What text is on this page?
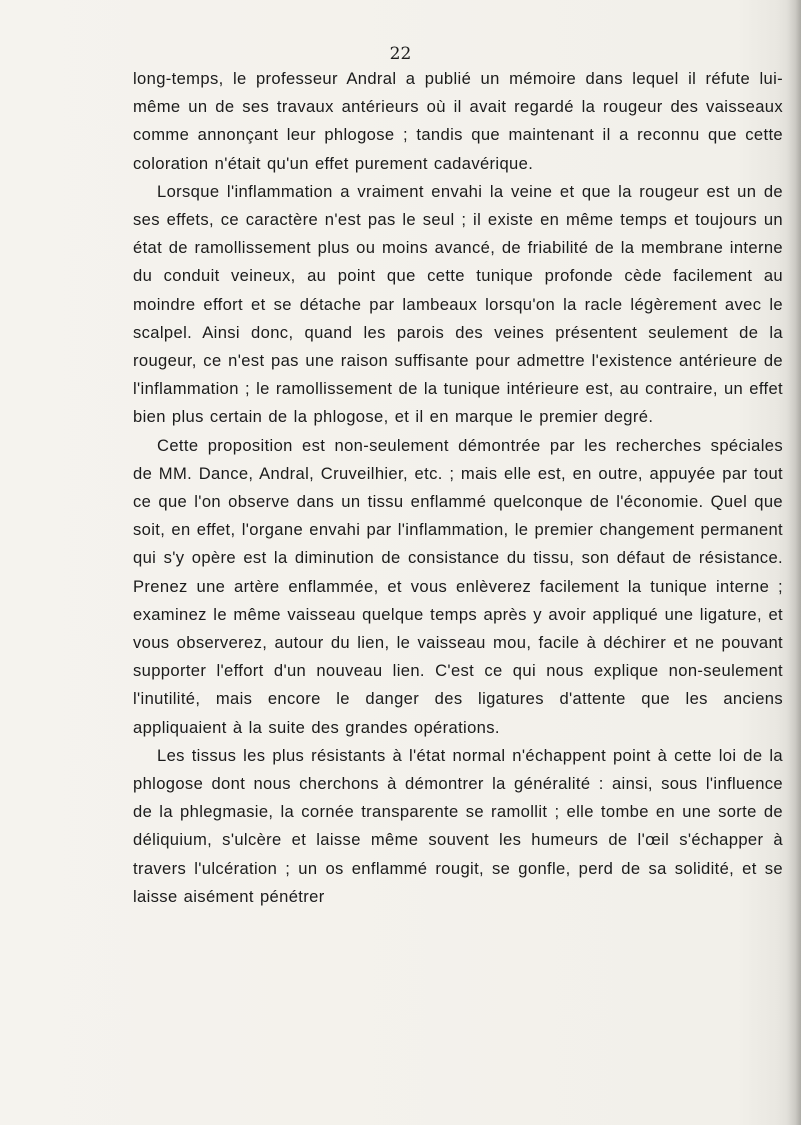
22

long-temps, le professeur Andral a publié un mémoire dans lequel il réfute lui-même un de ses travaux antérieurs où il avait regardé la rougeur des vaisseaux comme annonçant leur phlogose ; tandis que maintenant il a reconnu que cette coloration n'était qu'un effet purement cadavérique.

Lorsque l'inflammation a vraiment envahi la veine et que la rougeur est un de ses effets, ce caractère n'est pas le seul ; il existe en même temps et toujours un état de ramollissement plus ou moins avancé, de friabilité de la membrane interne du conduit veineux, au point que cette tunique profonde cède facilement au moindre effort et se détache par lambeaux lorsqu'on la racle légèrement avec le scalpel. Ainsi donc, quand les parois des veines présentent seulement de la rougeur, ce n'est pas une raison suffisante pour admettre l'existence antérieure de l'inflammation ; le ramollissement de la tunique intérieure est, au contraire, un effet bien plus certain de la phlogose, et il en marque le premier degré.

Cette proposition est non-seulement démontrée par les recherches spéciales de MM. Dance, Andral, Cruveilhier, etc. ; mais elle est, en outre, appuyée par tout ce que l'on observe dans un tissu enflammé quelconque de l'économie. Quel que soit, en effet, l'organe envahi par l'inflammation, le premier changement permanent qui s'y opère est la diminution de consistance du tissu, son défaut de résistance. Prenez une artère enflammée, et vous enlèverez facilement la tunique interne ; examinez le même vaisseau quelque temps après y avoir appliqué une ligature, et vous observerez, autour du lien, le vaisseau mou, facile à déchirer et ne pouvant supporter l'effort d'un nouveau lien. C'est ce qui nous explique non-seulement l'inutilité, mais encore le danger des ligatures d'attente que les anciens appliquaient à la suite des grandes opérations.

Les tissus les plus résistants à l'état normal n'échappent point à cette loi de la phlogose dont nous cherchons à démontrer la généralité : ainsi, sous l'influence de la phlegmasie, la cornée transparente se ramollit ; elle tombe en une sorte de déliquium, s'ulcère et laisse même souvent les humeurs de l'œil s'échapper à travers l'ulcération ; un os enflammé rougit, se gonfle, perd de sa solidité, et se laisse aisément pénétrer
